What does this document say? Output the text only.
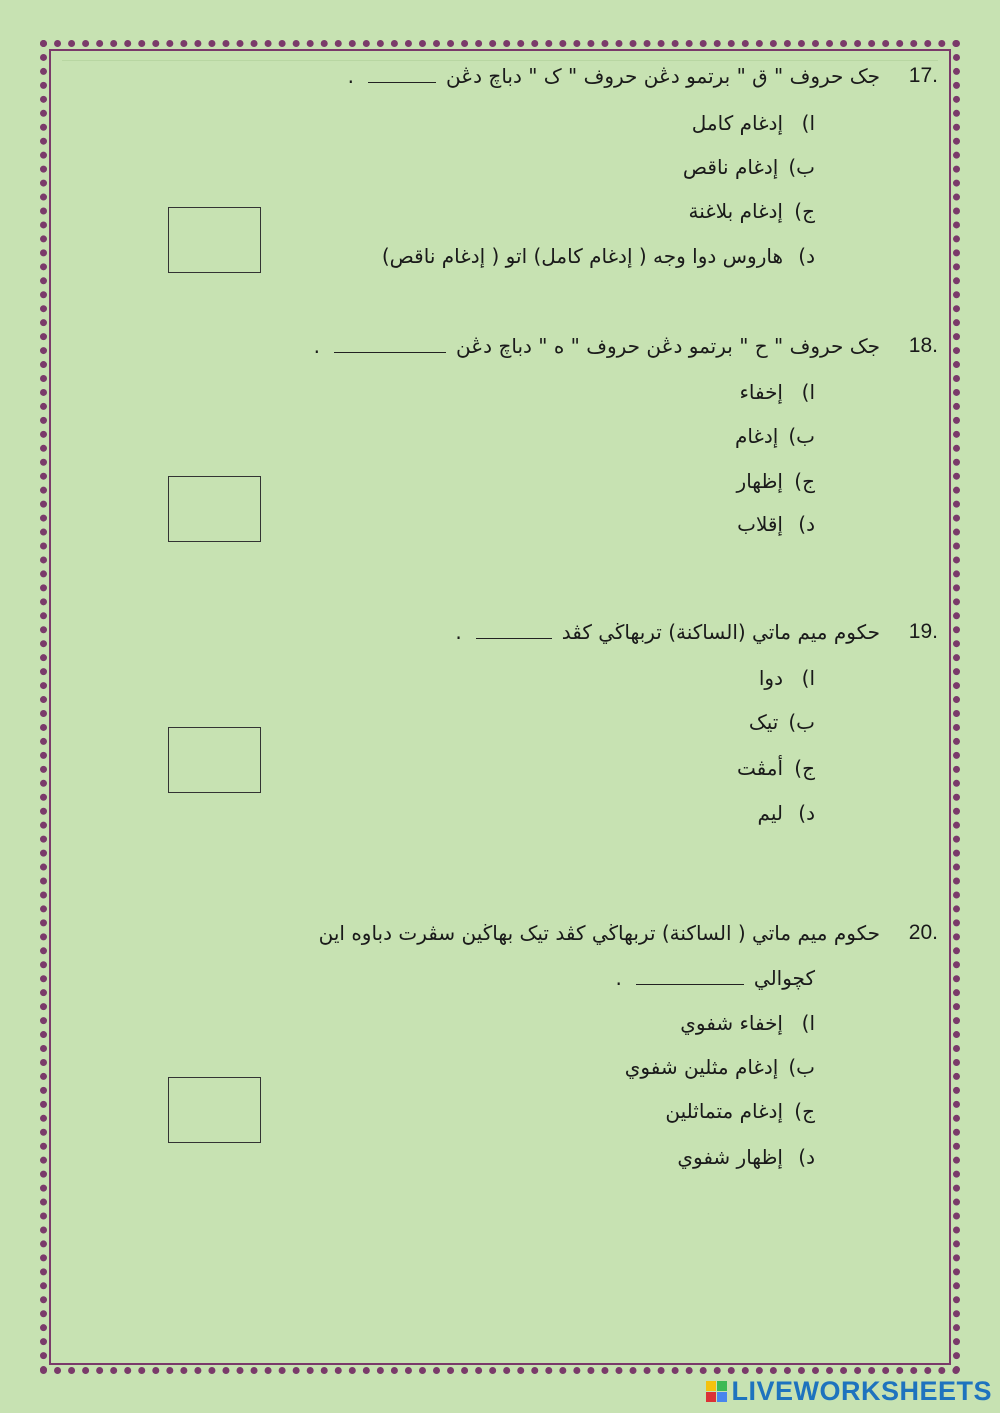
17.
جک حروف " ق " برتمو دڠن حروف " ک " دباچ دڠن
.
ا)
إدغام كامل
ب)
إدغام ناقص
ج)
إدغام بلاغنة
د)
هاروس دوا وجه ( إدغام كامل) اتو ( إدغام ناقص)
18.
جک حروف " ح " برتمو دڠن حروف " ه " دباچ دڠن
.
ا)
إخفاء
ب)
إدغام
ج)
إظهار
د)
إقلاب
19.
حکوم ميم ماتي (الساکنة) تربهاڬي کڤد
.
ا)
دوا
ب)
تيک
ج)
أمڤت
د)
ليم
20.
حکوم ميم ماتي ( الساکنة) تربهاڬي کڤد تيک بهاڬين سڤرت دباوه اين
کچوالي
.
ا)
إخفاء شفوي
ب)
إدغام مثلين شفوي
ج)
إدغام متماثلين
د)
إظهار شفوي
LIVEWORKSHEETS
